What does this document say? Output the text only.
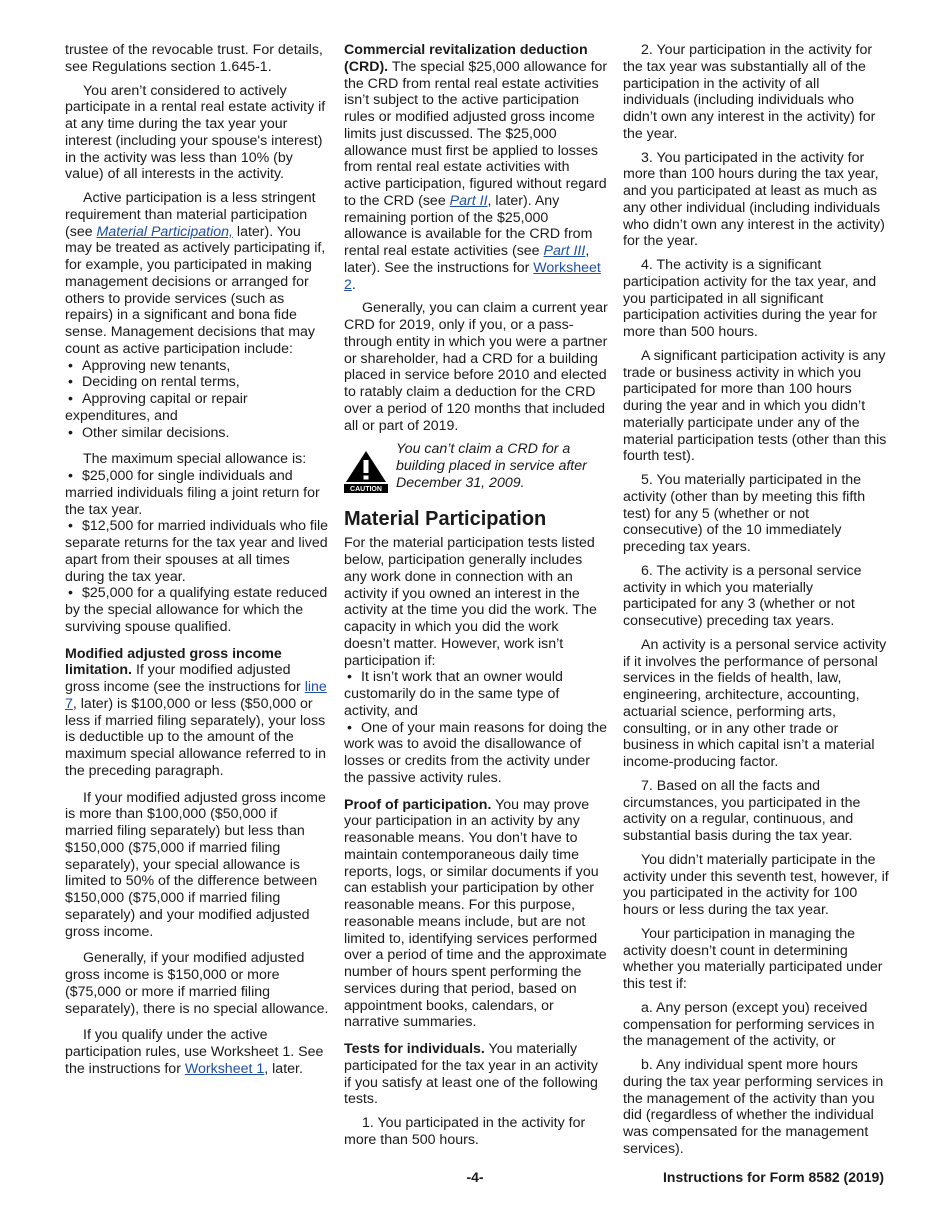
trustee of the revocable trust. For details, see Regulations section 1.645-1.

You aren’t considered to actively participate in a rental real estate activity if at any time during the tax year your interest (including your spouse's interest) in the activity was less than 10% (by value) of all interests in the activity.

Active participation is a less stringent requirement than material participation (see Material Participation, later). You may be treated as actively participating if, for example, you participated in making management decisions or arranged for others to provide services (such as repairs) in a significant and bona fide sense. Management decisions that may count as active participation include:

• Approving new tenants,
• Deciding on rental terms,
• Approving capital or repair expenditures, and
• Other similar decisions.

The maximum special allowance is:

• $25,000 for single individuals and married individuals filing a joint return for the tax year.
• $12,500 for married individuals who file separate returns for the tax year and lived apart from their spouses at all times during the tax year.
• $25,000 for a qualifying estate reduced by the special allowance for which the surviving spouse qualified.

Modified adjusted gross income limitation. If your modified adjusted gross income (see the instructions for line 7, later) is $100,000 or less ($50,000 or less if married filing separately), your loss is deductible up to the amount of the maximum special allowance referred to in the preceding paragraph.

If your modified adjusted gross income is more than $100,000 ($50,000 if married filing separately) but less than $150,000 ($75,000 if married filing separately), your special allowance is limited to 50% of the difference between $150,000 ($75,000 if married filing separately) and your modified adjusted gross income.

Generally, if your modified adjusted gross income is $150,000 or more ($75,000 or more if married filing separately), there is no special allowance.

If you qualify under the active participation rules, use Worksheet 1. See the instructions for Worksheet 1, later.

Commercial revitalization deduction (CRD). The special $25,000 allowance for the CRD from rental real estate activities isn’t subject to the active participation rules or modified adjusted gross income limits just discussed. The $25,000 allowance must first be applied to losses from rental real estate activities with active participation, figured without regard to the CRD (see Part II, later). Any remaining portion of the $25,000 allowance is available for the CRD from rental real estate activities (see Part III, later). See the instructions for Worksheet 2.

Generally, you can claim a current year CRD for 2019, only if you, or a pass-through entity in which you were a partner or shareholder, had a CRD for a building placed in service before 2010 and elected to ratably claim a deduction for the CRD over a period of 120 months that included all or part of 2019.

CAUTION
You can’t claim a CRD for a building placed in service after December 31, 2009.
Material Participation

For the material participation tests listed below, participation generally includes any work done in connection with an activity if you owned an interest in the activity at the time you did the work. The capacity in which you did the work doesn’t matter. However, work isn’t participation if:

• It isn’t work that an owner would customarily do in the same type of activity, and
• One of your main reasons for doing the work was to avoid the disallowance of losses or credits from the activity under the passive activity rules.

Proof of participation. You may prove your participation in an activity by any reasonable means. You don’t have to maintain contemporaneous daily time reports, logs, or similar documents if you can establish your participation by other reasonable means. For this purpose, reasonable means include, but are not limited to, identifying services performed over a period of time and the approximate number of hours spent performing the services during that period, based on appointment books, calendars, or narrative summaries.

Tests for individuals. You materially participated for the tax year in an activity if you satisfy at least one of the following tests.

1. You participated in the activity for more than 500 hours.

2. Your participation in the activity for the tax year was substantially all of the participation in the activity of all individuals (including individuals who didn’t own any interest in the activity) for the year.

3. You participated in the activity for more than 100 hours during the tax year, and you participated at least as much as any other individual (including individuals who didn’t own any interest in the activity) for the year.

4. The activity is a significant participation activity for the tax year, and you participated in all significant participation activities during the year for more than 500 hours.

A significant participation activity is any trade or business activity in which you participated for more than 100 hours during the year and in which you didn’t materially participate under any of the material participation tests (other than this fourth test).

5. You materially participated in the activity (other than by meeting this fifth test) for any 5 (whether or not consecutive) of the 10 immediately preceding tax years.

6. The activity is a personal service activity in which you materially participated for any 3 (whether or not consecutive) preceding tax years.

An activity is a personal service activity if it involves the performance of personal services in the fields of health, law, engineering, architecture, accounting, actuarial science, performing arts, consulting, or in any other trade or business in which capital isn’t a material income-producing factor.

7. Based on all the facts and circumstances, you participated in the activity on a regular, continuous, and substantial basis during the tax year.

You didn’t materially participate in the activity under this seventh test, however, if you participated in the activity for 100 hours or less during the tax year.

Your participation in managing the activity doesn’t count in determining whether you materially participated under this test if:

a. Any person (except you) received compensation for performing services in the management of the activity, or

b. Any individual spent more hours during the tax year performing services in the management of the activity than you did (regardless of whether the individual was compensated for the management services).

-4-	Instructions for Form 8582 (2019)
